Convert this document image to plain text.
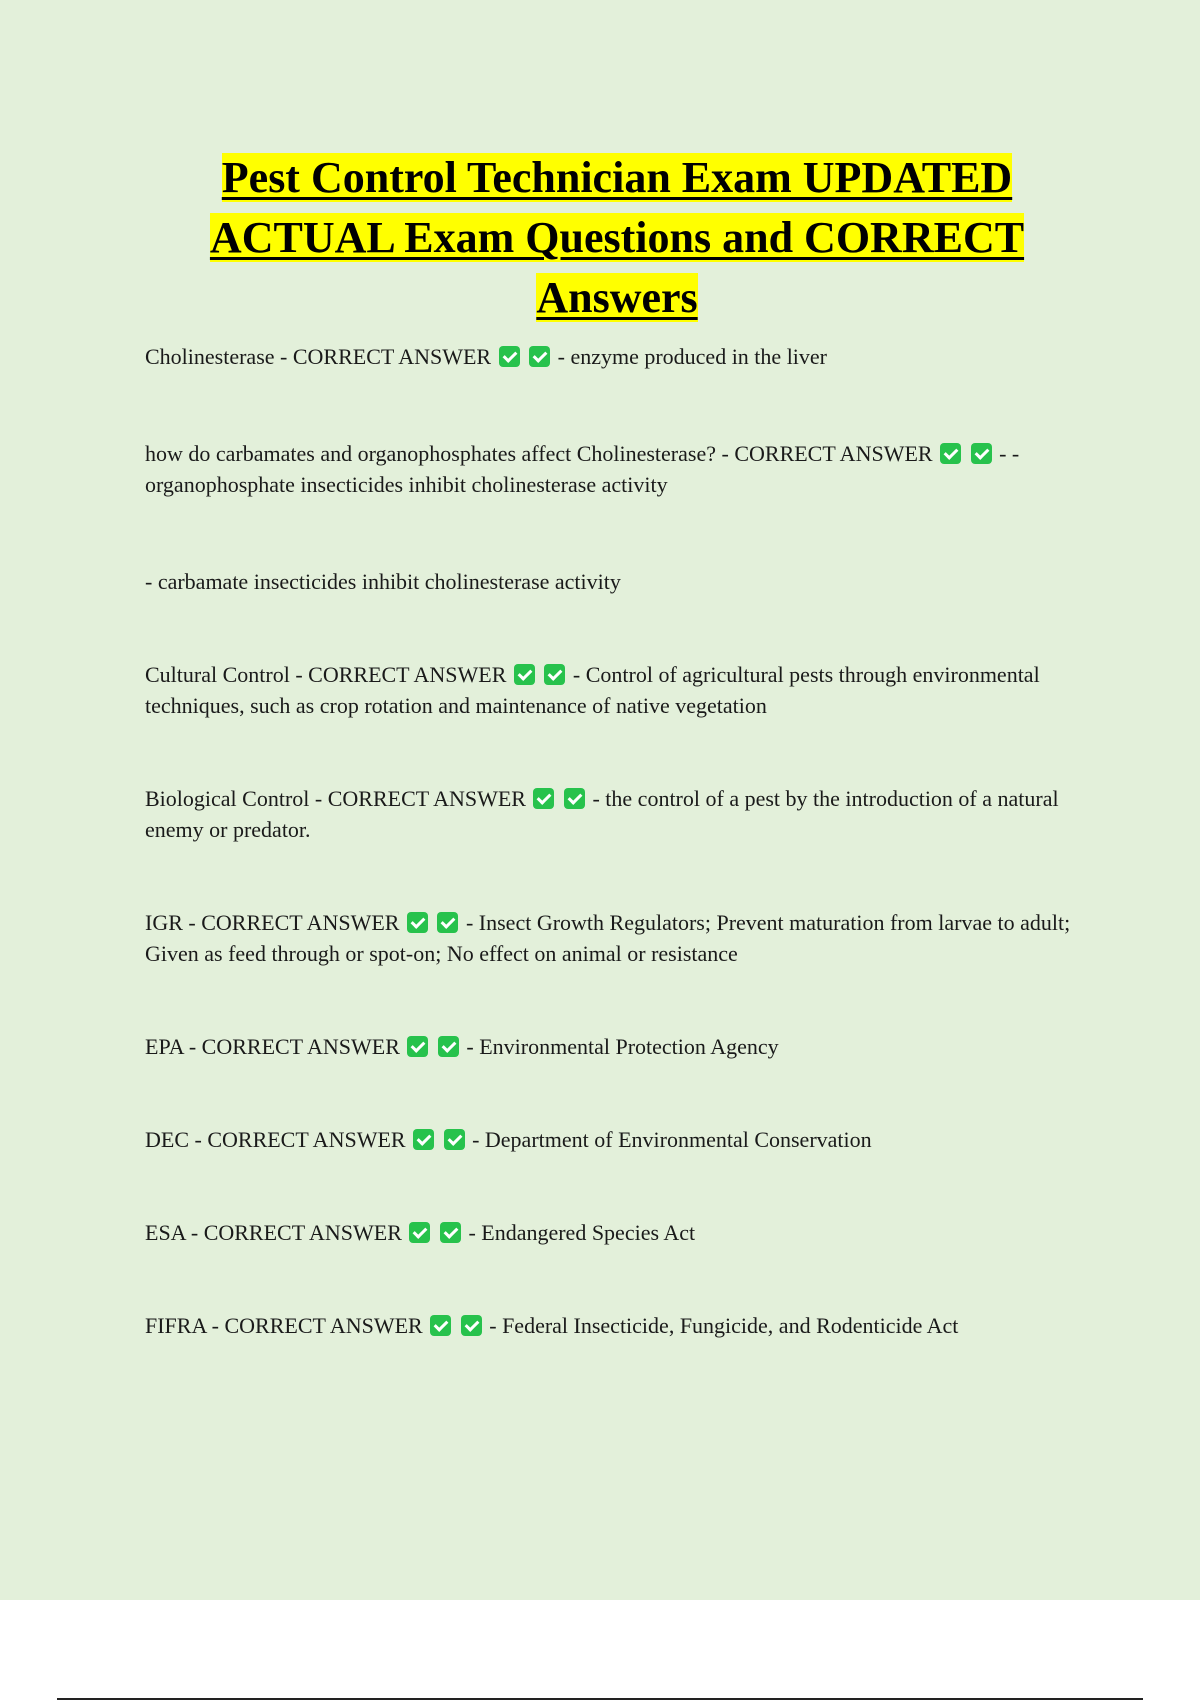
Pest Control Technician Exam UPDATED ACTUAL Exam Questions and CORRECT Answers

Cholinesterase - CORRECT ANSWER	- enzyme produced in the liver

how do carbamates and organophosphates affect Cholinesterase? - CORRECT ANSWER	- - organophosphate insecticides inhibit cholinesterase activity

- carbamate insecticides inhibit cholinesterase activity

Cultural Control - CORRECT ANSWER	- Control of agricultural pests through environmental techniques, such as crop rotation and maintenance of native vegetation

Biological Control - CORRECT ANSWER	- the control of a pest by the introduction of a natural enemy or predator.

IGR - CORRECT ANSWER	- Insect Growth Regulators; Prevent maturation from larvae to adult; Given as feed through or spot-on; No effect on animal or resistance

EPA - CORRECT ANSWER	- Environmental Protection Agency

DEC - CORRECT ANSWER	- Department of Environmental Conservation

ESA - CORRECT ANSWER	- Endangered Species Act

FIFRA - CORRECT ANSWER	- Federal Insecticide, Fungicide, and Rodenticide Act
